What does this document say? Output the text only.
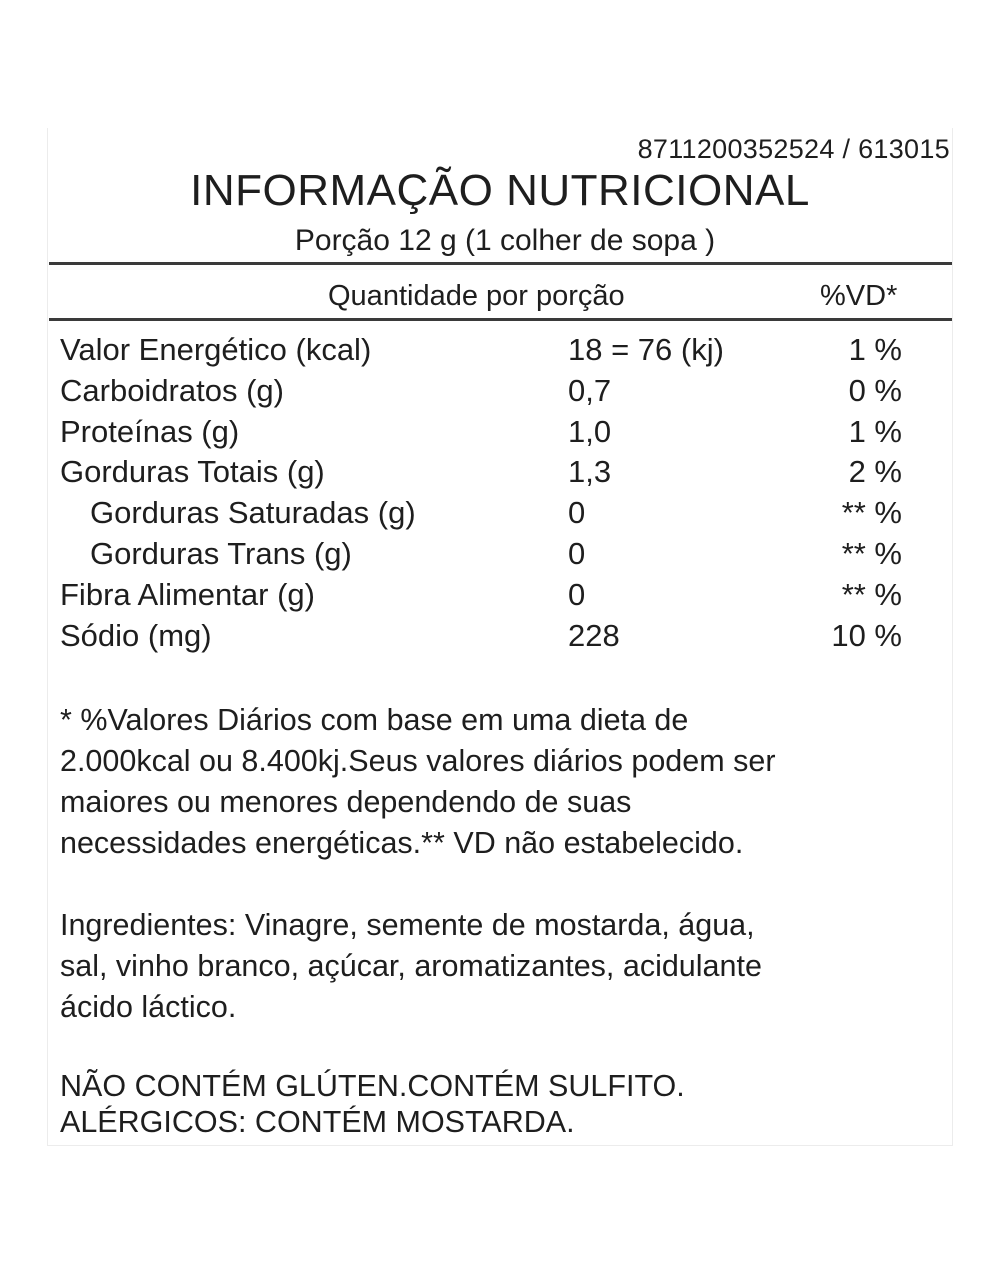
8711200352524 / 613015
INFORMAÇÃO NUTRICIONAL
Porção 12 g (1 colher de sopa )
Quantidade por porção	%VD*
Valor Energético (kcal)	18 = 76 (kj)	1 %
Carboidratos (g)	0,7	0 %
Proteínas (g)	1,0	1 %
Gorduras Totais (g)	1,3	2 %
Gorduras Saturadas (g)	0	** %
Gorduras Trans (g)	0	** %
Fibra Alimentar (g)	0	** %
Sódio (mg)	228	10 %
* %Valores Diários com base em uma dieta de
2.000kcal ou 8.400kj.Seus valores diários podem ser
maiores ou menores dependendo de suas
necessidades energéticas.** VD não estabelecido.
Ingredientes: Vinagre, semente de mostarda, água,
sal, vinho branco, açúcar, aromatizantes, acidulante
ácido láctico.
NÃO CONTÉM GLÚTEN.CONTÉM SULFITO.
ALÉRGICOS: CONTÉM MOSTARDA.
